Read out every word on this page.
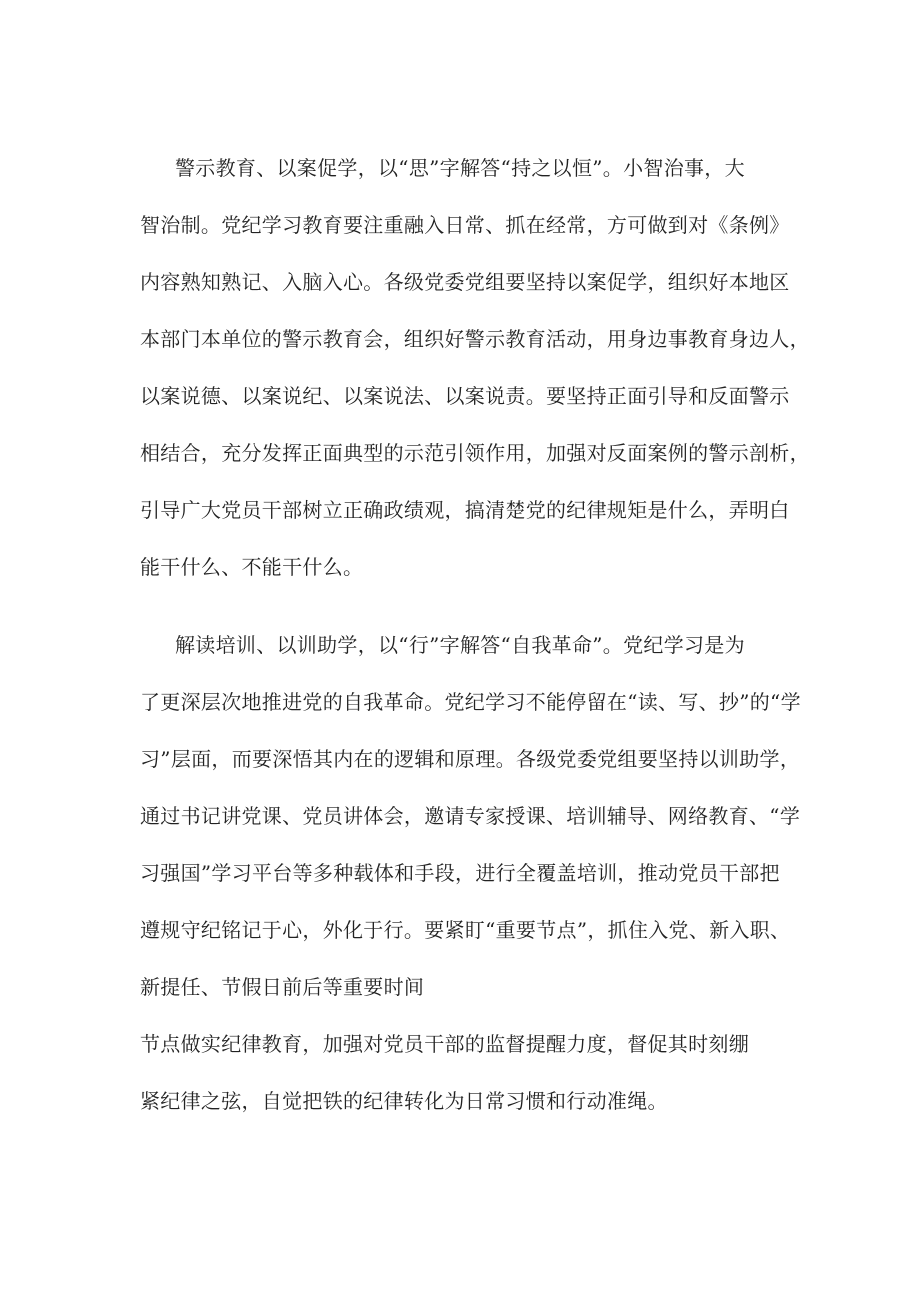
警示教育、以案促学，以“思”字解答“持之以恒”。小智治事，大
智治制。党纪学习教育要注重融入日常、抓在经常，方可做到对《条例》
内容熟知熟记、入脑入心。各级党委党组要坚持以案促学，组织好本地区
本部门本单位的警示教育会，组织好警示教育活动，用身边事教育身边人，
以案说德、以案说纪、以案说法、以案说责。要坚持正面引导和反面警示
相结合，充分发挥正面典型的示范引领作用，加强对反面案例的警示剖析，
引导广大党员干部树立正确政绩观，搞清楚党的纪律规矩是什么，弄明白
能干什么、不能干什么。
解读培训、以训助学，以“行”字解答“自我革命”。党纪学习是为
了更深层次地推进党的自我革命。党纪学习不能停留在“读、写、抄”的“学
习”层面，而要深悟其内在的逻辑和原理。各级党委党组要坚持以训助学，
通过书记讲党课、党员讲体会，邀请专家授课、培训辅导、网络教育、“学
习强国”学习平台等多种载体和手段，进行全覆盖培训，推动党员干部把
遵规守纪铭记于心，外化于行。要紧盯“重要节点”，抓住入党、新入职、
新提任、节假日前后等重要时间
节点做实纪律教育，加强对党员干部的监督提醒力度，督促其时刻绷
紧纪律之弦，自觉把铁的纪律转化为日常习惯和行动准绳。
